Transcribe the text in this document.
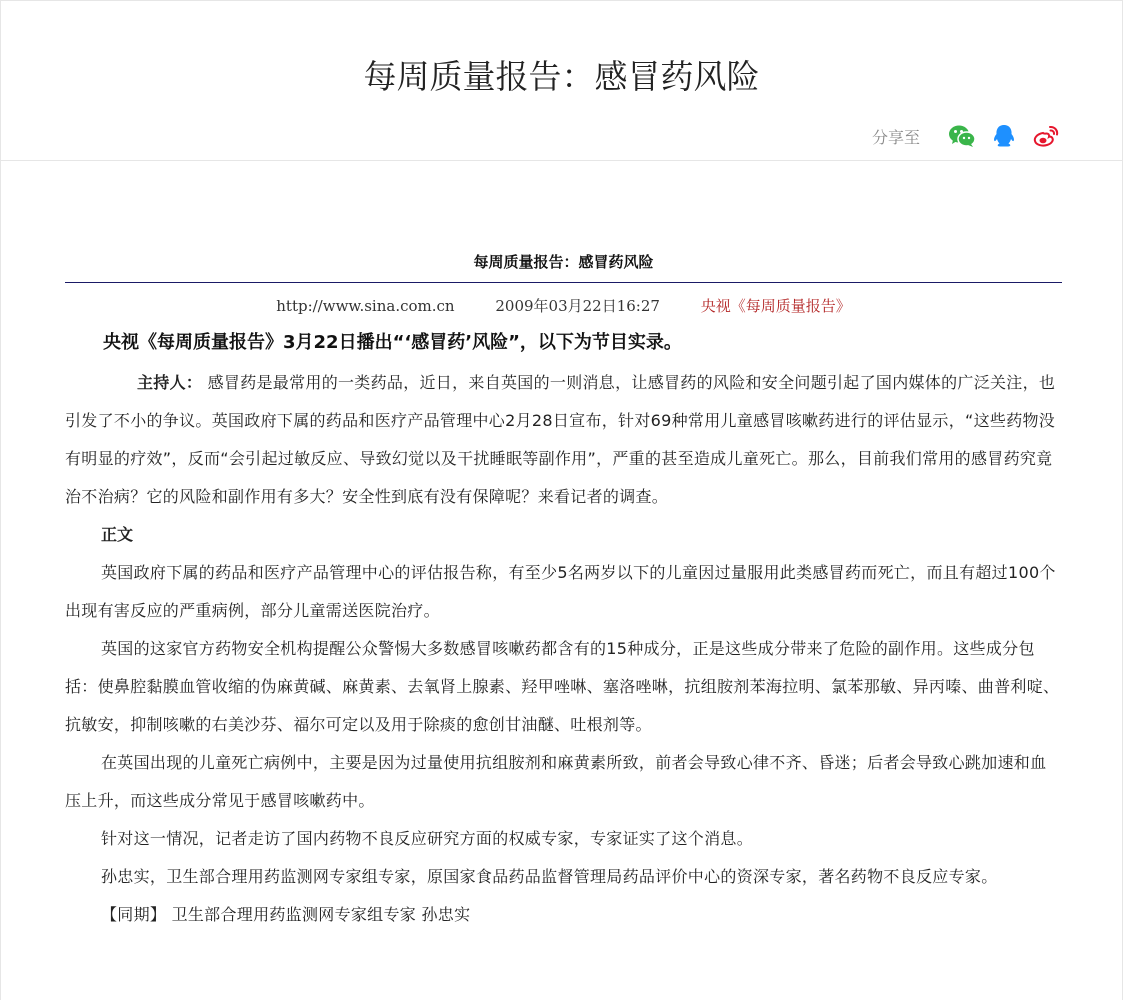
每周质量报告：感冒药风险
分享至
每周质量报告：感冒药风险
http://www.sina.com.cn	2009年03月22日16:27	央视《每周质量报告》
央视《每周质量报告》3月22日播出“‘感冒药’风险”，以下为节目实录。

主持人： 感冒药是最常用的一类药品，近日，来自英国的一则消息，让感冒药的风险和安全问题引起了国内媒体的广泛关注，也引发了不小的争议。英国政府下属的药品和医疗产品管理中心2月28日宣布，针对69种常用儿童感冒咳嗽药进行的评估显示，“这些药物没有明显的疗效”，反而“会引起过敏反应、导致幻觉以及干扰睡眠等副作用”，严重的甚至造成儿童死亡。那么，目前我们常用的感冒药究竟治不治病？它的风险和副作用有多大？安全性到底有没有保障呢？来看记者的调查。

正文

英国政府下属的药品和医疗产品管理中心的评估报告称，有至少5名两岁以下的儿童因过量服用此类感冒药而死亡，而且有超过100个出现有害反应的严重病例，部分儿童需送医院治疗。

英国的这家官方药物安全机构提醒公众警惕大多数感冒咳嗽药都含有的15种成分，正是这些成分带来了危险的副作用。这些成分包括：使鼻腔黏膜血管收缩的伪麻黄碱、麻黄素、去氧肾上腺素、羟甲唑啉、塞洛唑啉，抗组胺剂苯海拉明、氯苯那敏、异丙嗪、曲普利啶、抗敏安，抑制咳嗽的右美沙芬、福尔可定以及用于除痰的愈创甘油醚、吐根剂等。

在英国出现的儿童死亡病例中，主要是因为过量使用抗组胺剂和麻黄素所致，前者会导致心律不齐、昏迷；后者会导致心跳加速和血压上升，而这些成分常见于感冒咳嗽药中。

针对这一情况，记者走访了国内药物不良反应研究方面的权威专家，专家证实了这个消息。

孙忠实，卫生部合理用药监测网专家组专家，原国家食品药品监督管理局药品评价中心的资深专家，著名药物不良反应专家。

【同期】 卫生部合理用药监测网专家组专家 孙忠实
